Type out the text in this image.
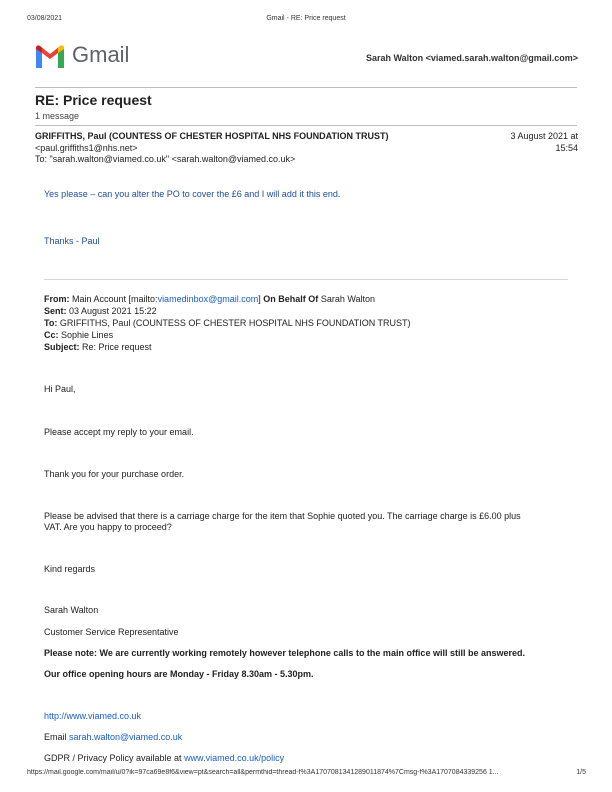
03/08/2021	Gmail - RE: Price request
Gmail	Sarah Walton <viamed.sarah.walton@gmail.com>
RE: Price request
1 message
GRIFFITHS, Paul (COUNTESS OF CHESTER HOSPITAL NHS FOUNDATION TRUST)
<paul.griffiths1@nhs.net>
To: "sarah.walton@viamed.co.uk" <sarah.walton@viamed.co.uk>
3 August 2021 at
15:54
Yes please – can you alter the PO to cover the £6 and I will add it this end.
Thanks - Paul
From: Main Account [mailto:viamedinbox@gmail.com] On Behalf Of Sarah Walton
Sent: 03 August 2021 15:22
To: GRIFFITHS, Paul (COUNTESS OF CHESTER HOSPITAL NHS FOUNDATION TRUST)
Cc: Sophie Lines
Subject: Re: Price request
Hi Paul,
Please accept my reply to your email.
Thank you for your purchase order.
Please be advised that there is a carriage charge for the item that Sophie quoted you. The carriage charge is £6.00 plus
VAT. Are you happy to proceed?
Kind regards
Sarah Walton
Customer Service Representative
Please note: We are currently working remotely however telephone calls to the main office will still be answered.
Our office opening hours are Monday - Friday 8.30am - 5.30pm.
http://www.viamed.co.uk
Email sarah.walton@viamed.co.uk
GDPR / Privacy Policy available at www.viamed.co.uk/policy
https://mail.google.com/mail/u/0?ik=97ca69e8f6&view=pt&search=all&permthid=thread-f%3A1707081341289011874%7Cmsg-f%3A1707084339256 1...	1/5
